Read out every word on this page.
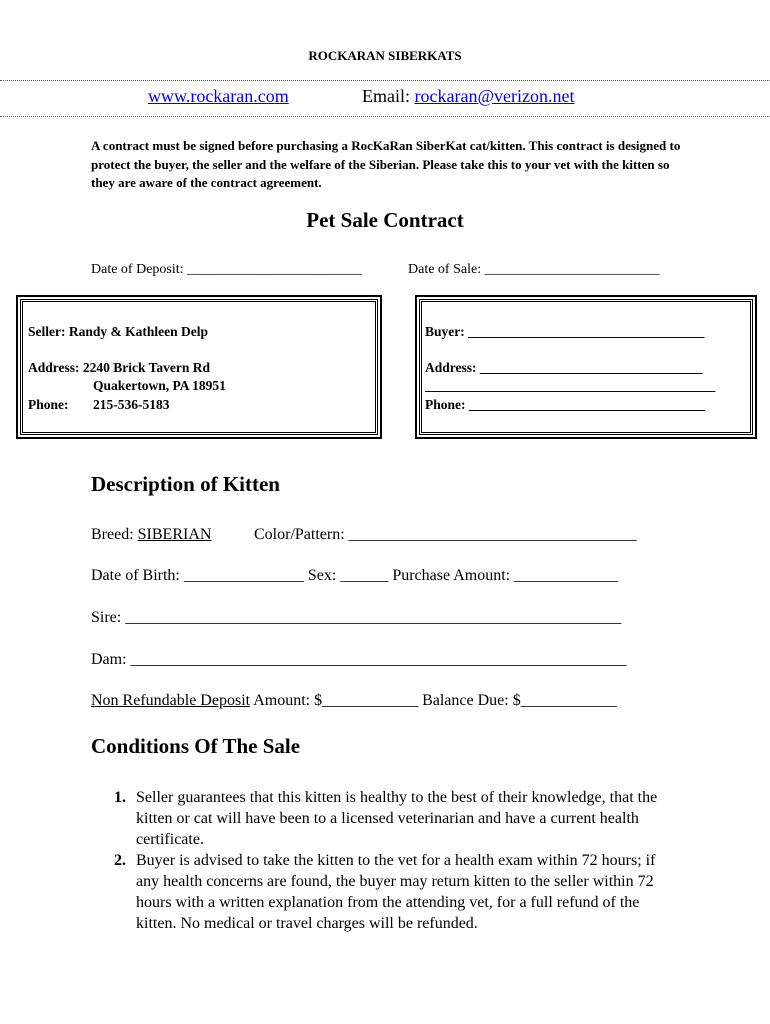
ROCKARAN SIBERKATS
www.rockaran.com	Email: rockaran@verizon.net
A contract must be signed before purchasing a RocKaRan SiberKat cat/kitten. This contract is designed to protect the buyer, the seller and the welfare of the Siberian. Please take this to your vet with the kitten so they are aware of the contract agreement.
Pet Sale Contract
Date of Deposit: _________________________	Date of Sale: _________________________
Seller: Randy & Kathleen Delp
Address: 2240 Brick Tavern Rd
Quakertown, PA 18951
Phone: 215-536-5183
Buyer: ___________________________________
Address: _________________________________
___________________________________________
Phone: ___________________________________
Description of Kitten
Breed: SIBERIAN	Color/Pattern: ____________________________________
Date of Birth: _______________ Sex: ______ Purchase Amount: _____________
Sire: ______________________________________________________________
Dam: ______________________________________________________________
Non Refundable Deposit Amount: $____________ Balance Due: $____________
Conditions Of The Sale
1. Seller guarantees that this kitten is healthy to the best of their knowledge, that the kitten or cat will have been to a licensed veterinarian and have a current health certificate.
2. Buyer is advised to take the kitten to the vet for a health exam within 72 hours; if any health concerns are found, the buyer may return kitten to the seller within 72 hours with a written explanation from the attending vet, for a full refund of the kitten. No medical or travel charges will be refunded.
